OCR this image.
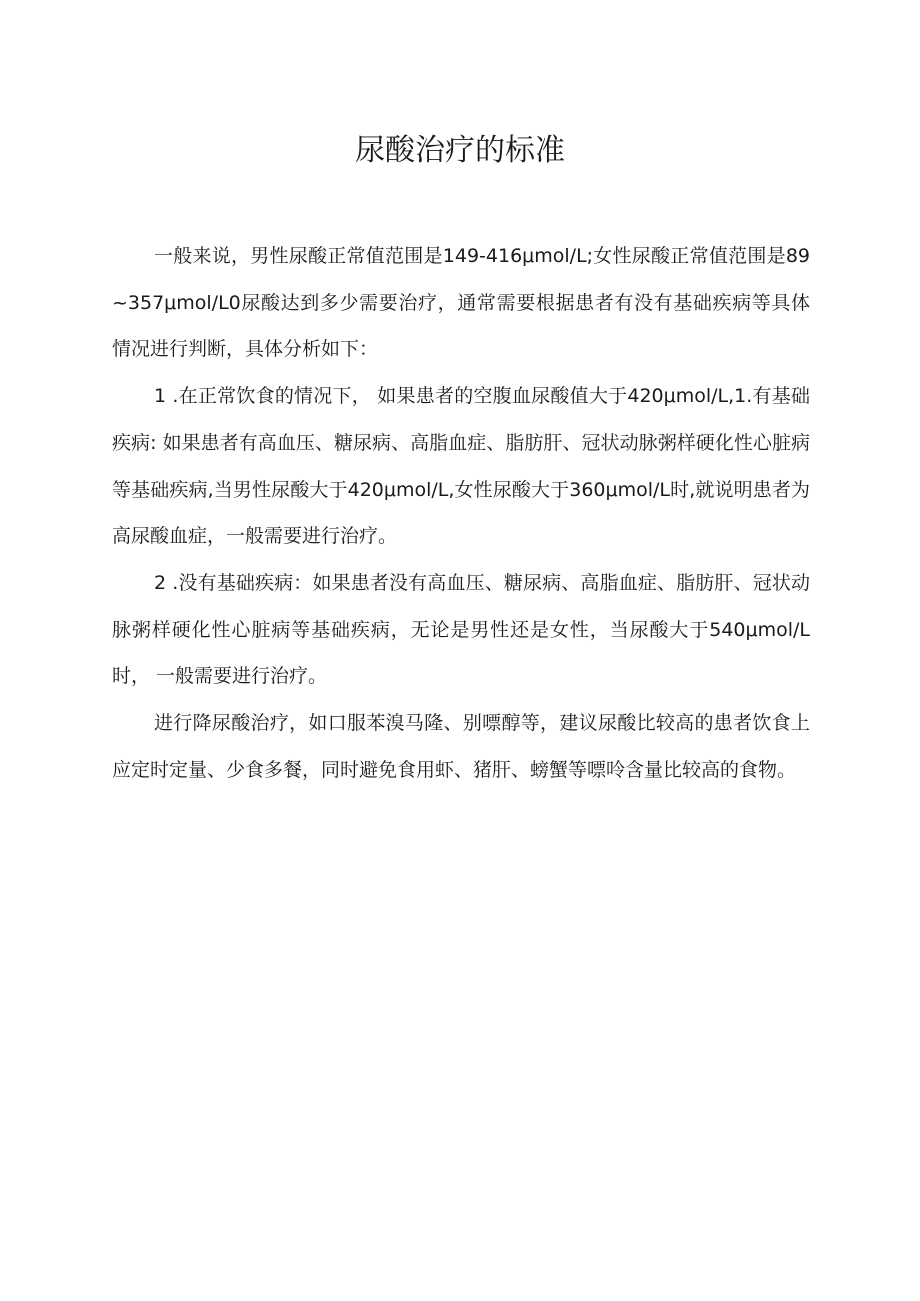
尿酸治疗的标准

一般来说，男性尿酸正常值范围是149-416μmol/L;女性尿酸正常值范围是89~357μmol/L0尿酸达到多少需要治疗，通常需要根据患者有没有基础疾病等具体情况进行判断，具体分析如下：

1 .在正常饮食的情况下， 如果患者的空腹血尿酸值大于420μmol/L,1.有基础疾病: 如果患者有高血压、糖尿病、高脂血症、脂肪肝、冠状动脉粥样硬化性心脏病等基础疾病,当男性尿酸大于420μmol/L,女性尿酸大于360μmol/L时,就说明患者为高尿酸血症，一般需要进行治疗。

2 .没有基础疾病：如果患者没有高血压、糖尿病、高脂血症、脂肪肝、冠状动脉粥样硬化性心脏病等基础疾病，无论是男性还是女性，当尿酸大于540μmol/L时， 一般需要进行治疗。

进行降尿酸治疗，如口服苯溴马隆、别嘌醇等，建议尿酸比较高的患者饮食上应定时定量、少食多餐，同时避免食用虾、猪肝、螃蟹等嘌呤含量比较高的食物。
